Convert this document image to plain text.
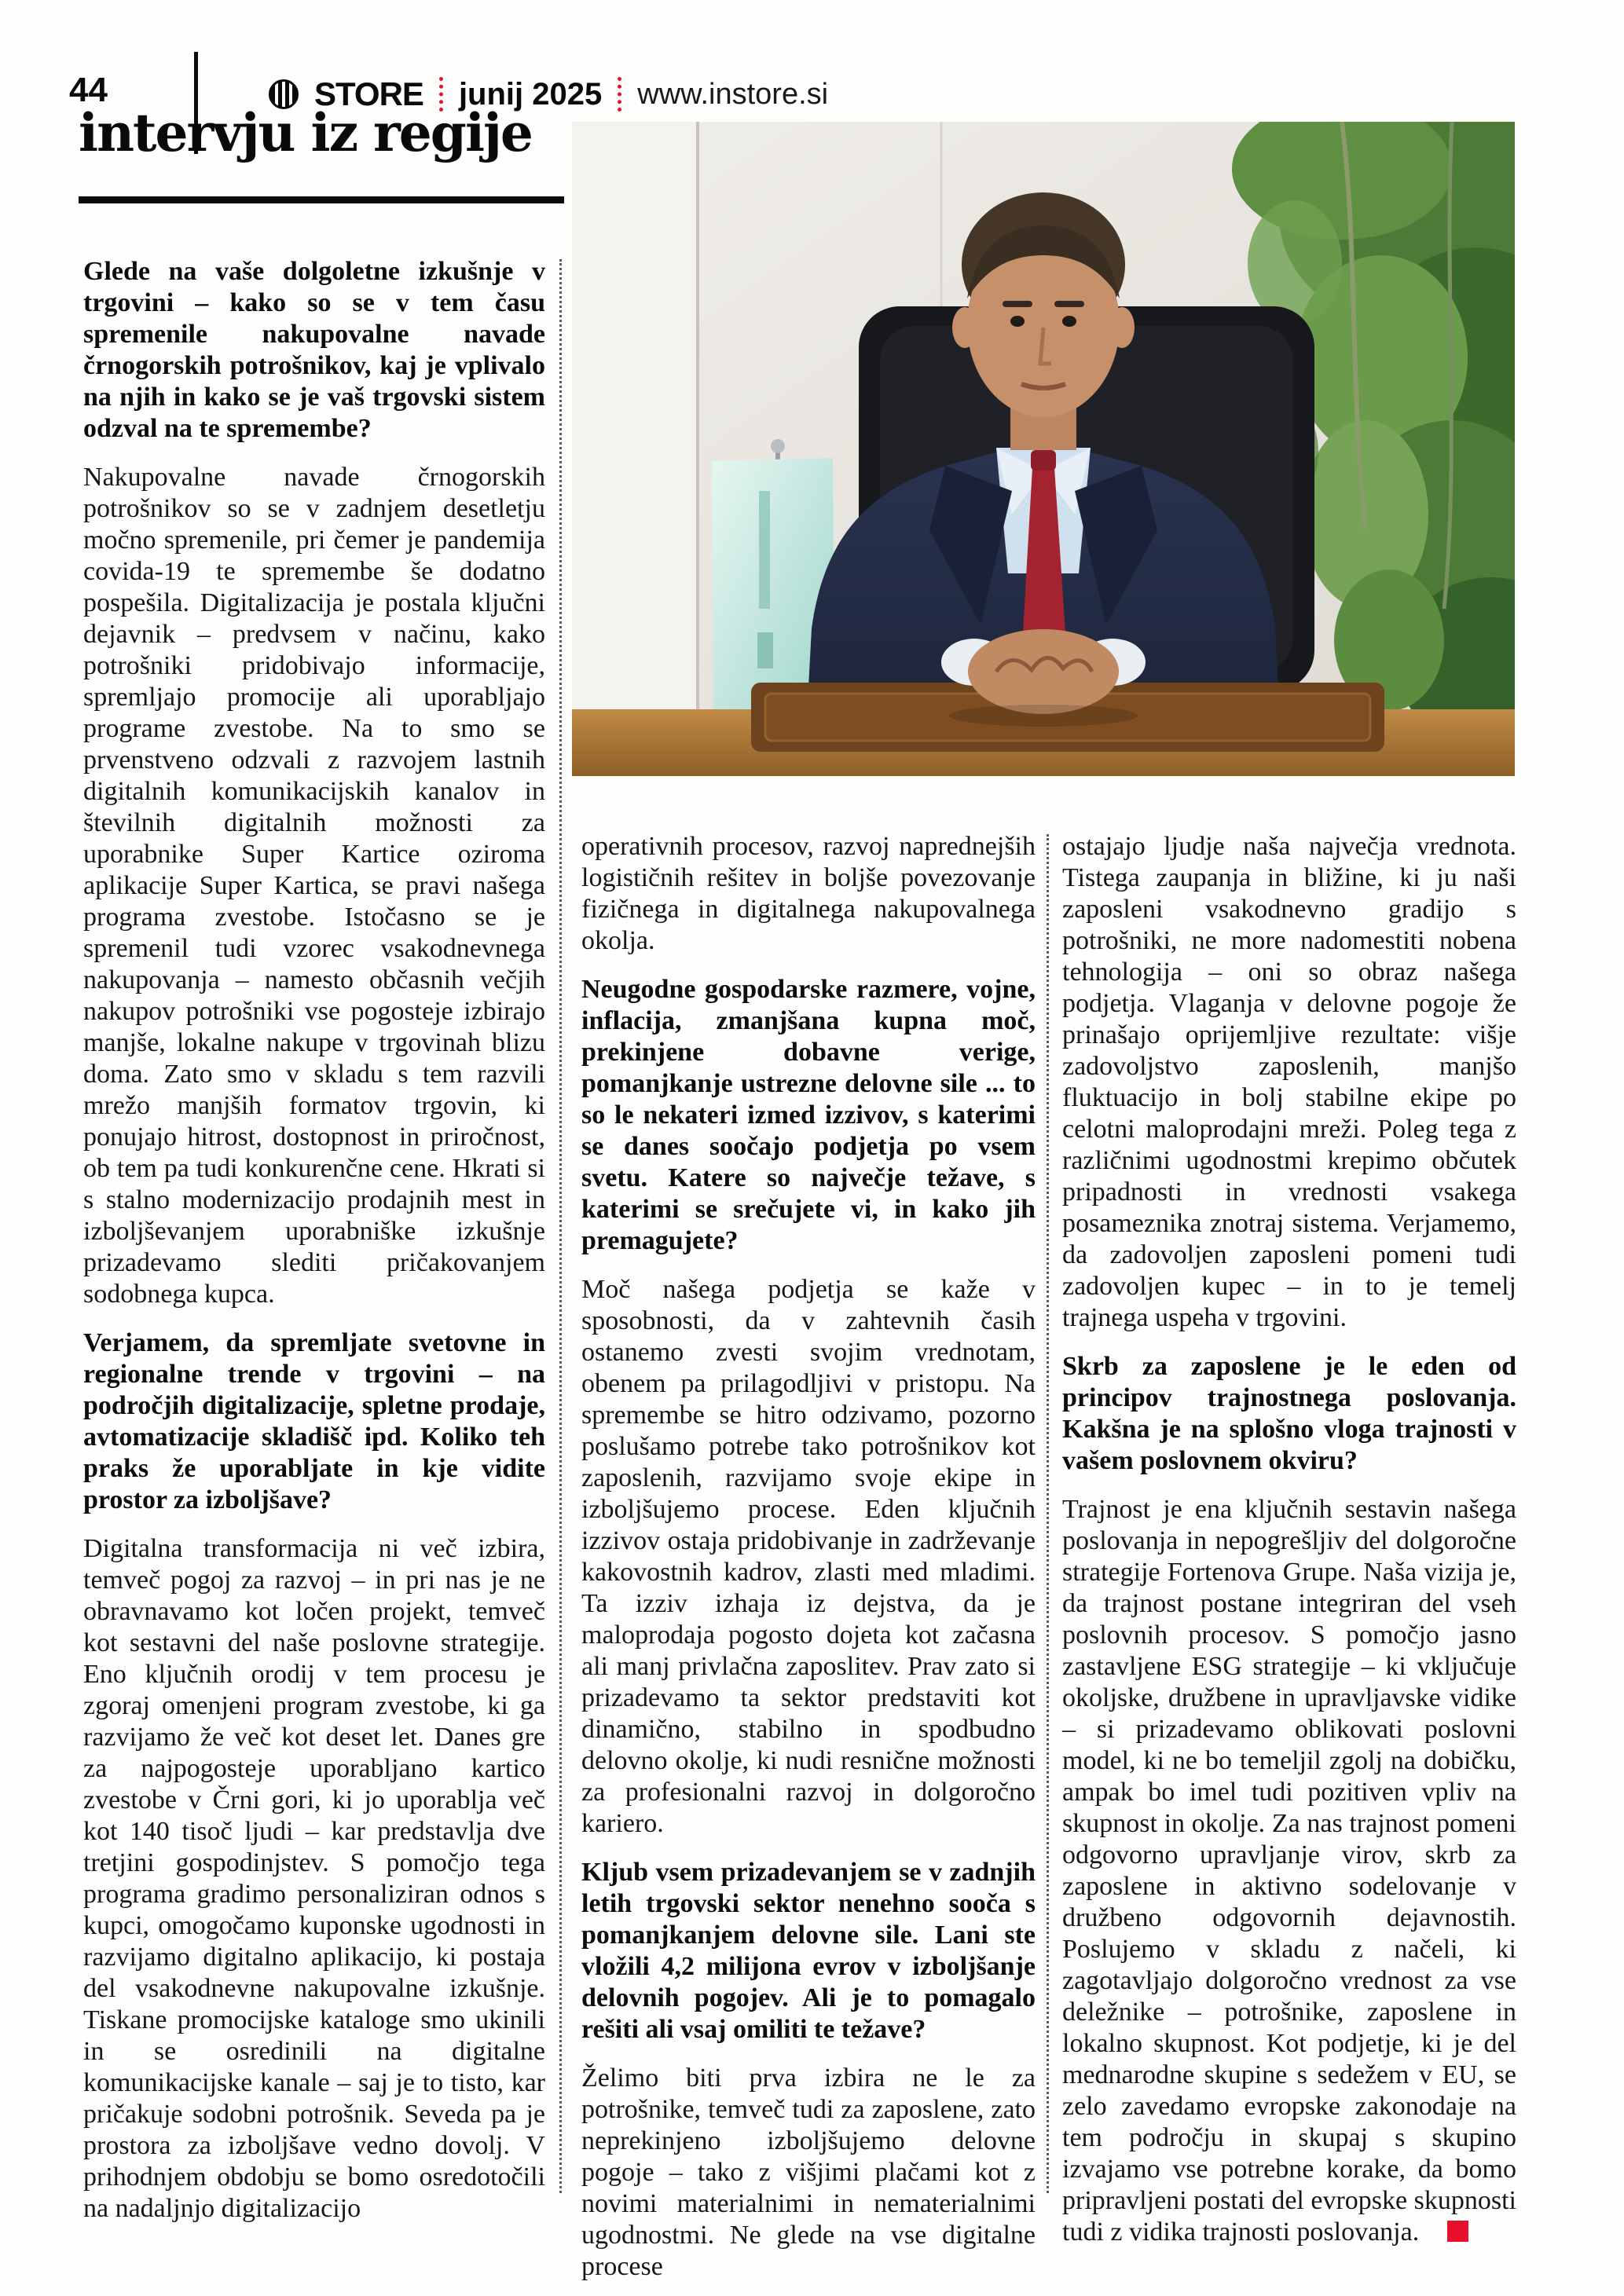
44	STORE junij 2025 www.instore.si
intervju iz regije

Glede na vaše dolgoletne izkušnje v trgovini – kako so se v tem času spremenile nakupovalne navade črnogorskih potrošnikov, kaj je vplivalo na njih in kako se je vaš trgovski sistem odzval na te spremembe?

Nakupovalne navade črnogorskih potrošnikov so se v zadnjem desetletju močno spremenile, pri čemer je pandemija covida-19 te spremembe še dodatno pospešila. Digitalizacija je postala ključni dejavnik – predvsem v načinu, kako potrošniki pridobivajo informacije, spremljajo promocije ali uporabljajo programe zvestobe. Na to smo se prvenstveno odzvali z razvojem lastnih digitalnih komunikacijskih kanalov in številnih digitalnih možnosti za uporabnike Super Kartice oziroma aplikacije Super Kartica, se pravi našega programa zvestobe. Istočasno se je spremenil tudi vzorec vsakodnevnega nakupovanja – namesto občasnih večjih nakupov potrošniki vse pogosteje izbirajo manjše, lokalne nakupe v trgovinah blizu doma. Zato smo v skladu s tem razvili mrežo manjših formatov trgovin, ki ponujajo hitrost, dostopnost in priročnost, ob tem pa tudi konkurenčne cene. Hkrati si s stalno modernizacijo prodajnih mest in izboljševanjem uporabniške izkušnje prizadevamo slediti pričakovanjem sodobnega kupca.

Verjamem, da spremljate svetovne in regionalne trende v trgovini – na področjih digitalizacije, spletne prodaje, avtomatizacije skladišč ipd. Koliko teh praks že uporabljate in kje vidite prostor za izboljšave?

Digitalna transformacija ni več izbira, temveč pogoj za razvoj – in pri nas je ne obravnavamo kot ločen projekt, temveč kot sestavni del naše poslovne strategije. Eno ključnih orodij v tem procesu je zgoraj omenjeni program zvestobe, ki ga razvijamo že več kot deset let. Danes gre za najpogosteje uporabljano kartico zvestobe v Črni gori, ki jo uporablja več kot 140 tisoč ljudi – kar predstavlja dve tretjini gospodinjstev. S pomočjo tega programa gradimo personaliziran odnos s kupci, omogočamo kuponske ugodnosti in razvijamo digitalno aplikacijo, ki postaja del vsakodnevne nakupovalne izkušnje. Tiskane promocijske kataloge smo ukinili in se osredinili na digitalne komunikacijske kanale – saj je to tisto, kar pričakuje sodobni potrošnik. Seveda pa je prostora za izboljšave vedno dovolj. V prihodnjem obdobju se bomo osredotočili na nadaljnjo digitalizacijo

operativnih procesov, razvoj naprednejših logističnih rešitev in boljše povezovanje fizičnega in digitalnega nakupovalnega okolja.

Neugodne gospodarske razmere, vojne, inflacija, zmanjšana kupna moč, prekinjene dobavne verige, pomanjkanje ustrezne delovne sile ... to so le nekateri izmed izzivov, s katerimi se danes soočajo podjetja po vsem svetu. Katere so največje težave, s katerimi se srečujete vi, in kako jih premagujete?

Moč našega podjetja se kaže v sposobnosti, da v zahtevnih časih ostanemo zvesti svojim vrednotam, obenem pa prilagodljivi v pristopu. Na spremembe se hitro odzivamo, pozorno poslušamo potrebe tako potrošnikov kot zaposlenih, razvijamo svoje ekipe in izboljšujemo procese. Eden ključnih izzivov ostaja pridobivanje in zadrževanje kakovostnih kadrov, zlasti med mladimi. Ta izziv izhaja iz dejstva, da je maloprodaja pogosto dojeta kot začasna ali manj privlačna zaposlitev. Prav zato si prizadevamo ta sektor predstaviti kot dinamično, stabilno in spodbudno delovno okolje, ki nudi resnične možnosti za profesionalni razvoj in dolgoročno kariero.

Kljub vsem prizadevanjem se v zadnjih letih trgovski sektor nenehno sooča s pomanjkanjem delovne sile. Lani ste vložili 4,2 milijona evrov v izboljšanje delovnih pogojev. Ali je to pomagalo rešiti ali vsaj omiliti te težave?

Želimo biti prva izbira ne le za potrošnike, temveč tudi za zaposlene, zato neprekinjeno izboljšujemo delovne pogoje – tako z višjimi plačami kot z novimi materialnimi in nematerialnimi ugodnostmi. Ne glede na vse digitalne procese

ostajajo ljudje naša največja vrednota. Tistega zaupanja in bližine, ki ju naši zaposleni vsakodnevno gradijo s potrošniki, ne more nadomestiti nobena tehnologija – oni so obraz našega podjetja. Vlaganja v delovne pogoje že prinašajo oprijemljive rezultate: višje zadovoljstvo zaposlenih, manjšo fluktuacijo in bolj stabilne ekipe po celotni maloprodajni mreži. Poleg tega z različnimi ugodnostmi krepimo občutek pripadnosti in vrednosti vsakega posameznika znotraj sistema. Verjamemo, da zadovoljen zaposleni pomeni tudi zadovoljen kupec – in to je temelj trajnega uspeha v trgovini.

Skrb za zaposlene je le eden od principov trajnostnega poslovanja. Kakšna je na splošno vloga trajnosti v vašem poslovnem okviru?

Trajnost je ena ključnih sestavin našega poslovanja in nepogrešljiv del dolgoročne strategije Fortenova Grupe. Naša vizija je, da trajnost postane integriran del vseh poslovnih procesov. S pomočjo jasno zastavljene ESG strategije – ki vključuje okoljske, družbene in upravljavske vidike – si prizadevamo oblikovati poslovni model, ki ne bo temeljil zgolj na dobičku, ampak bo imel tudi pozitiven vpliv na skupnost in okolje. Za nas trajnost pomeni odgovorno upravljanje virov, skrb za zaposlene in aktivno sodelovanje v družbeno odgovornih dejavnostih. Poslujemo v skladu z načeli, ki zagotavljajo dolgoročno vrednost za vse deležnike – potrošnike, zaposlene in lokalno skupnost. Kot podjetje, ki je del mednarodne skupine s sedežem v EU, se zelo zavedamo evropske zakonodaje na tem področju in skupaj s skupino izvajamo vse potrebne korake, da bomo pripravljeni postati del evropske skupnosti tudi z vidika trajnosti poslovanja.
